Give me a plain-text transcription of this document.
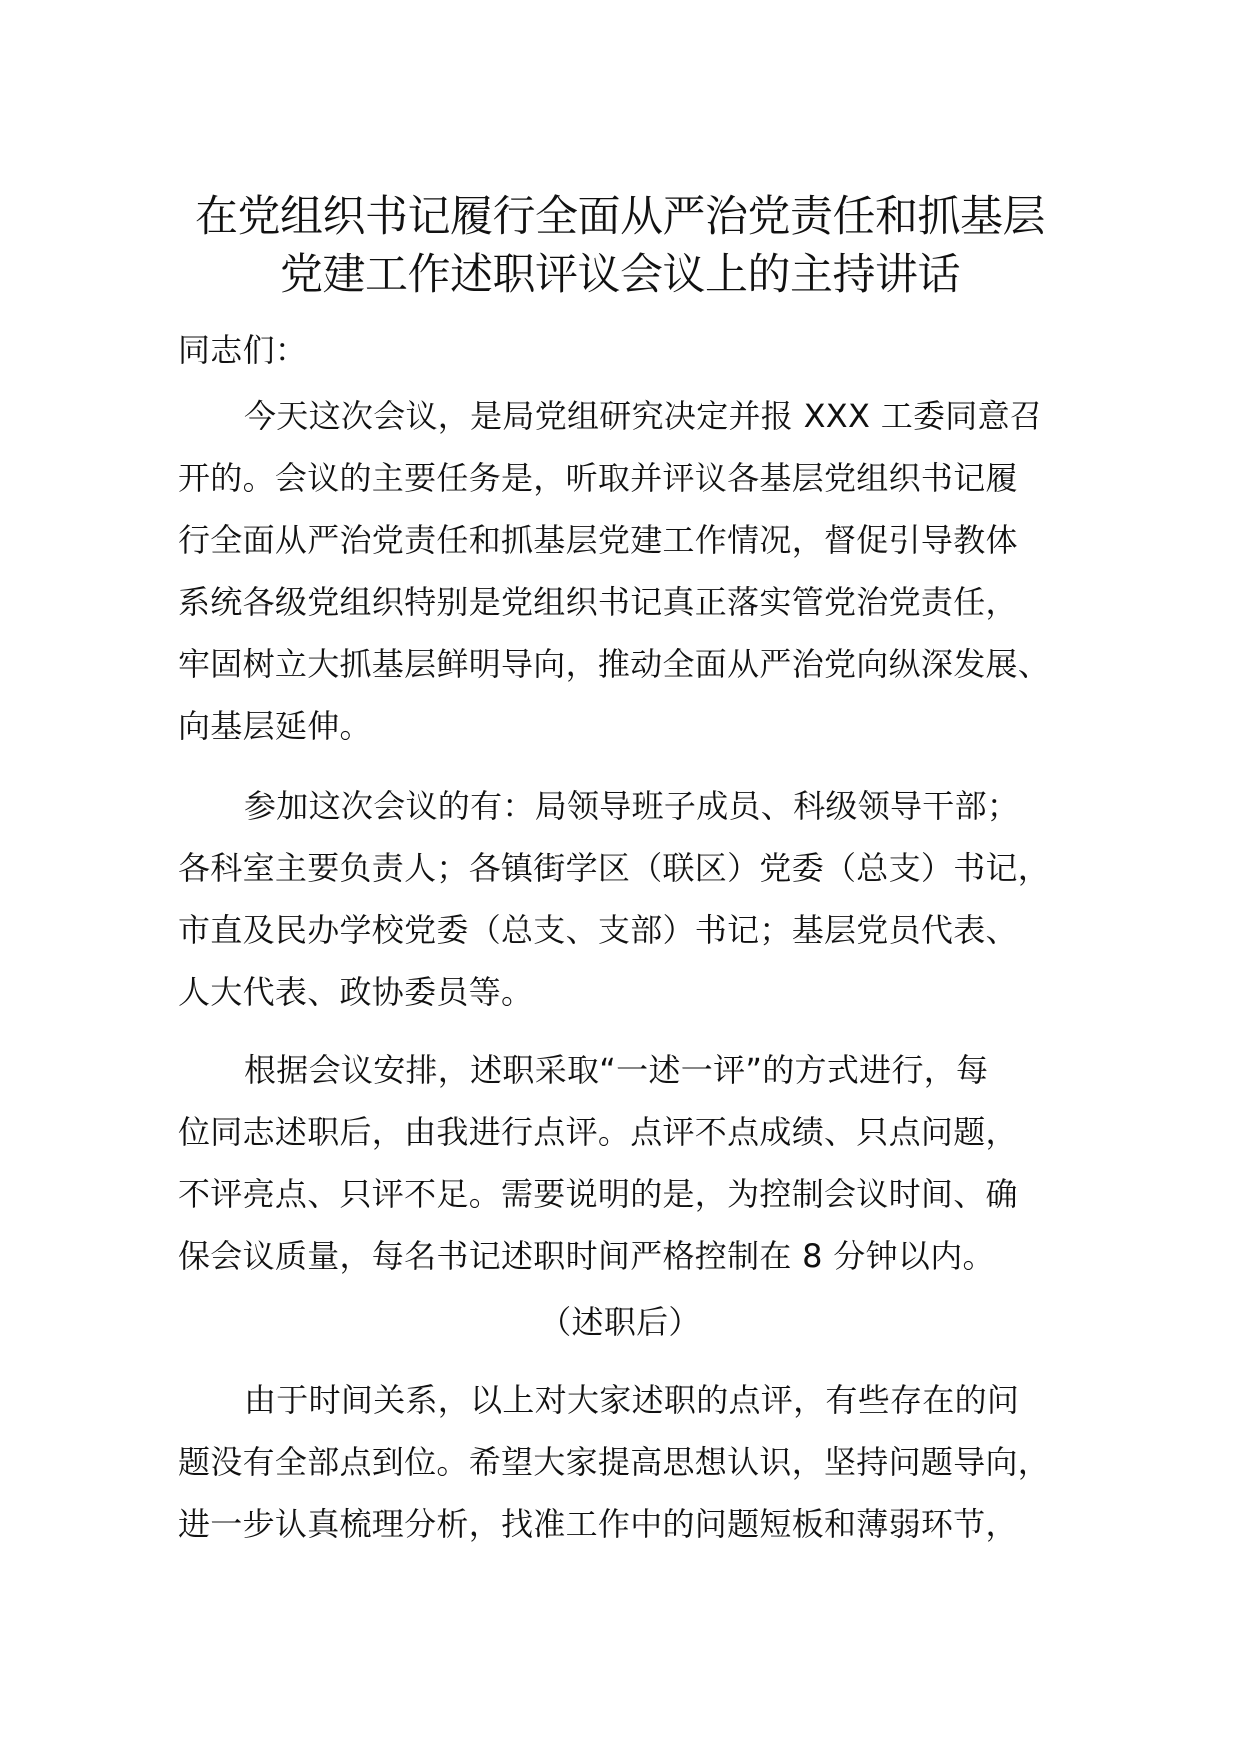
在党组织书记履行全面从严治党责任和抓基层
党建工作述职评议会议上的主持讲话
同志们：
今天这次会议，是局党组研究决定并报 XXX 工委同意召
开的。会议的主要任务是，听取并评议各基层党组织书记履
行全面从严治党责任和抓基层党建工作情况，督促引导教体
系统各级党组织特别是党组织书记真正落实管党治党责任，
牢固树立大抓基层鲜明导向，推动全面从严治党向纵深发展、
向基层延伸。
参加这次会议的有：局领导班子成员、科级领导干部；
各科室主要负责人；各镇街学区（联区）党委（总支）书记，
市直及民办学校党委（总支、支部）书记；基层党员代表、
人大代表、政协委员等。
根据会议安排，述职采取“一述一评”的方式进行，每
位同志述职后，由我进行点评。点评不点成绩、只点问题，
不评亮点、只评不足。需要说明的是，为控制会议时间、确
保会议质量，每名书记述职时间严格控制在 8 分钟以内。
（述职后）
由于时间关系，以上对大家述职的点评，有些存在的问
题没有全部点到位。希望大家提高思想认识，坚持问题导向，
进一步认真梳理分析，找准工作中的问题短板和薄弱环节，
